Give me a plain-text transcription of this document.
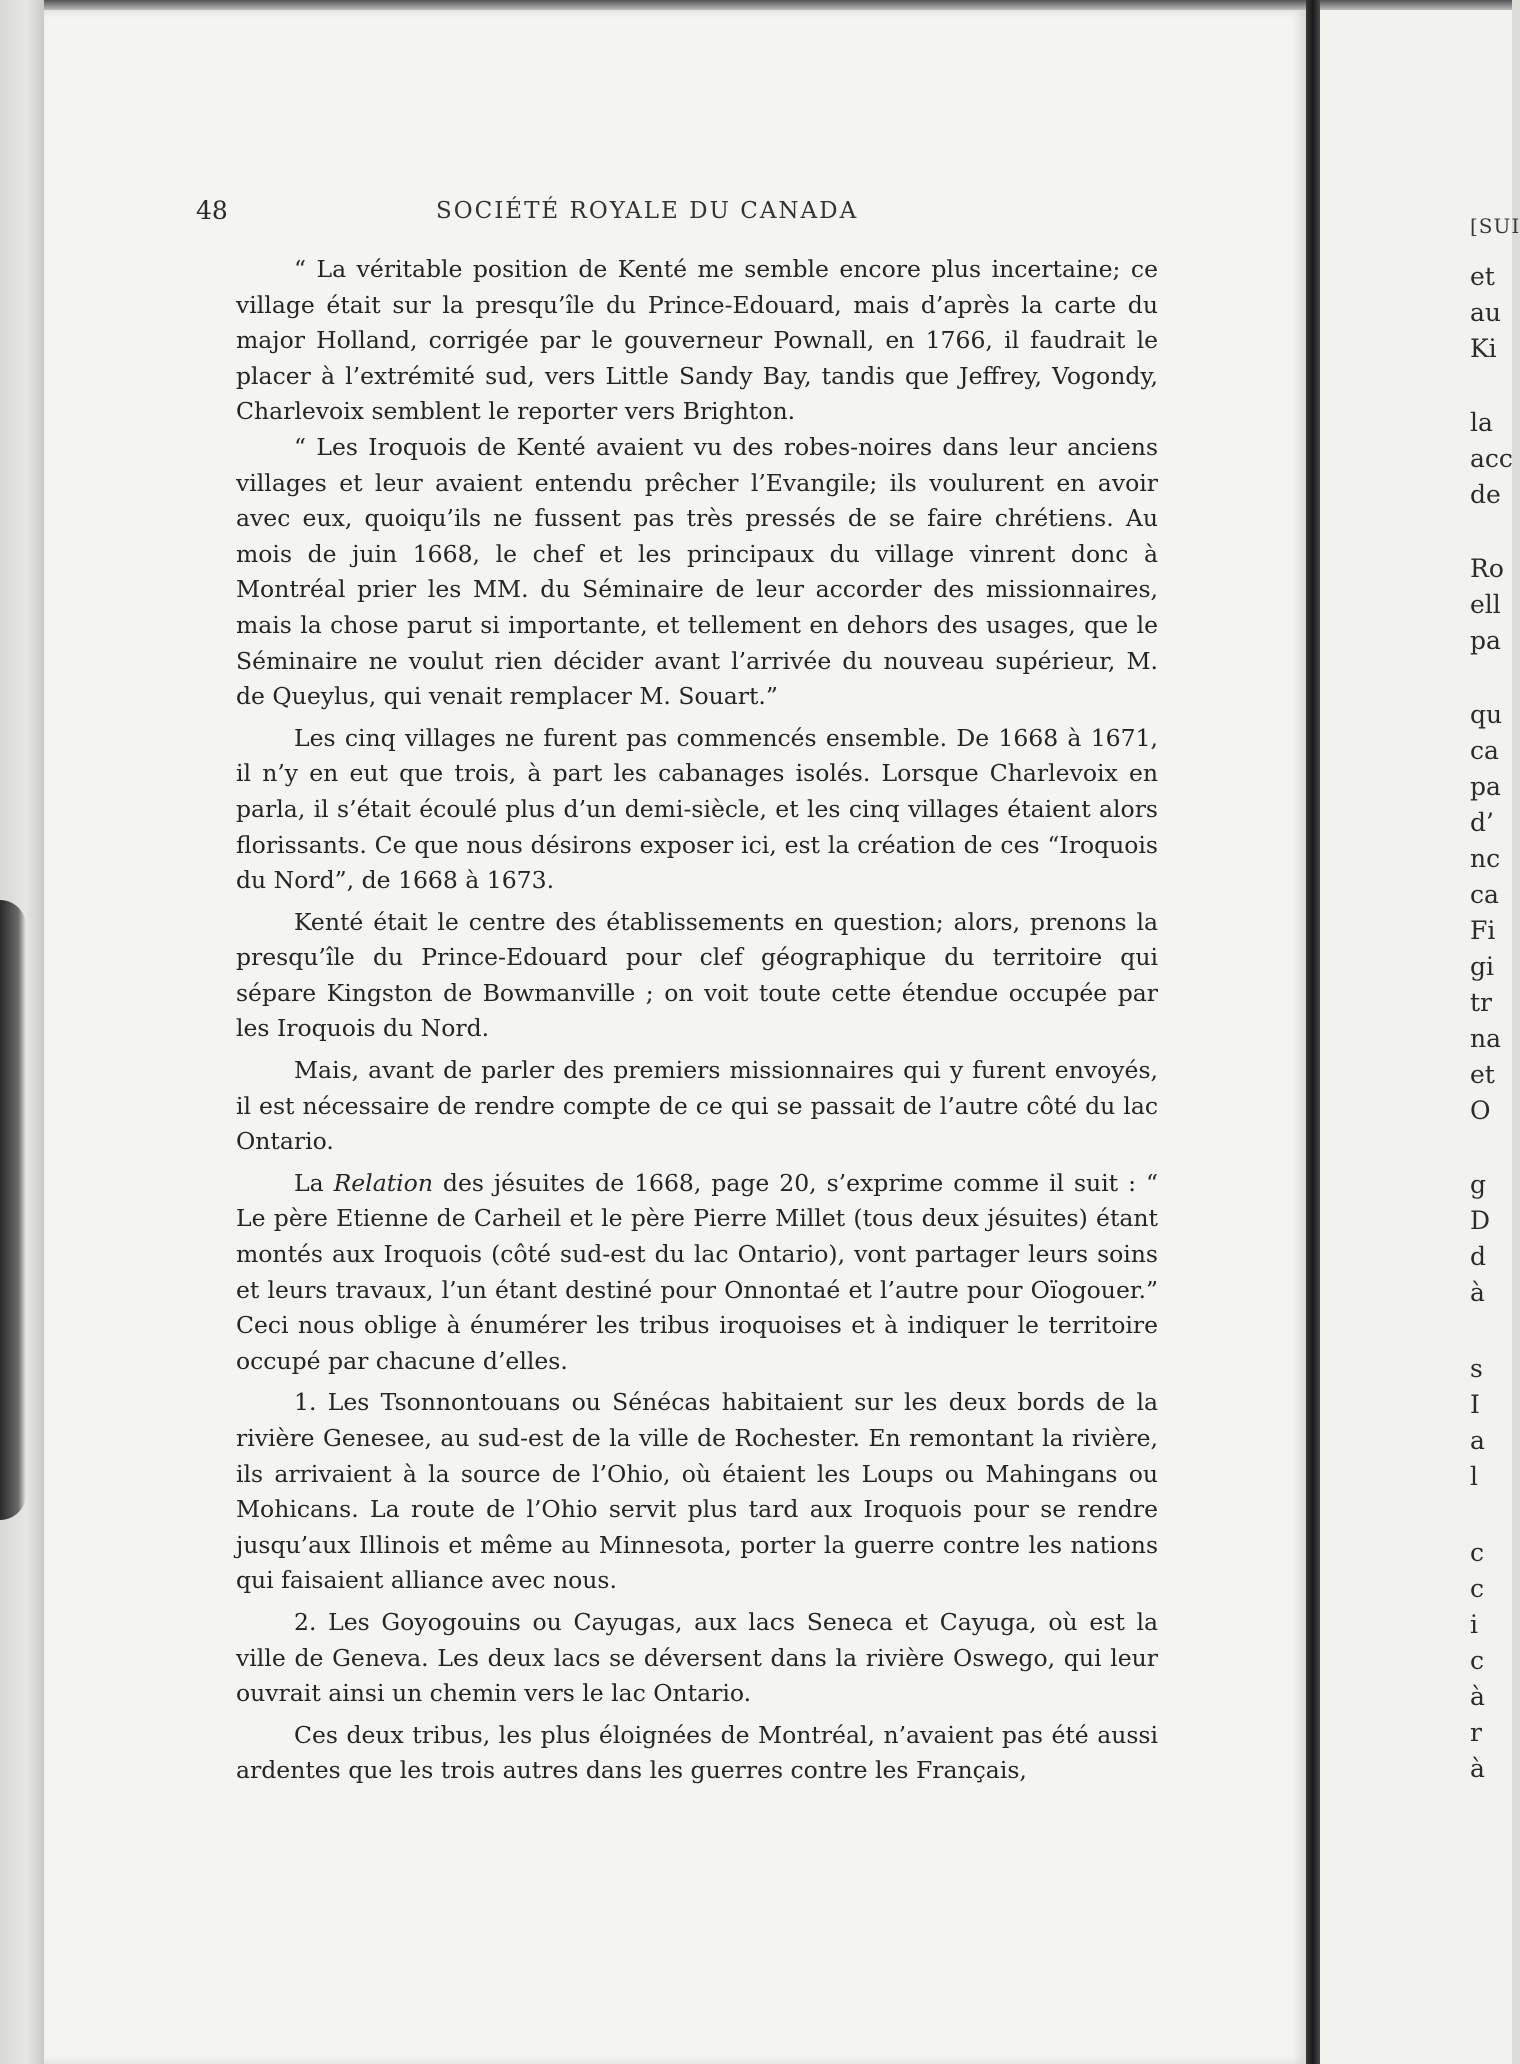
48	SOCIÉTÉ ROYALE DU CANADA

“ La véritable position de Kenté me semble encore plus incertaine; ce village était sur la presqu’île du Prince-Edouard, mais d’après la carte du major Holland, corrigée par le gouverneur Pownall, en 1766, il faudrait le placer à l’extrémité sud, vers Little Sandy Bay, tandis que Jeffrey, Vogondy, Charlevoix semblent le reporter vers Brighton.

“ Les Iroquois de Kenté avaient vu des robes-noires dans leur anciens villages et leur avaient entendu prêcher l’Evangile; ils voulurent en avoir avec eux, quoiqu’ils ne fussent pas très pressés de se faire chrétiens. Au mois de juin 1668, le chef et les principaux du village vinrent donc à Montréal prier les MM. du Séminaire de leur accorder des missionnaires, mais la chose parut si importante, et tellement en dehors des usages, que le Séminaire ne voulut rien décider avant l’arrivée du nouveau supérieur, M. de Queylus, qui venait remplacer M. Souart.”

Les cinq villages ne furent pas commencés ensemble. De 1668 à 1671, il n’y en eut que trois, à part les cabanages isolés. Lorsque Charlevoix en parla, il s’était écoulé plus d’un demi-siècle, et les cinq villages étaient alors florissants. Ce que nous désirons exposer ici, est la création de ces “Iroquois du Nord”, de 1668 à 1673.

Kenté était le centre des établissements en question; alors, prenons la presqu’île du Prince-Edouard pour clef géographique du territoire qui sépare Kingston de Bowmanville ; on voit toute cette étendue occupée par les Iroquois du Nord.

Mais, avant de parler des premiers missionnaires qui y furent envoyés, il est nécessaire de rendre compte de ce qui se passait de l’autre côté du lac Ontario.

La Relation des jésuites de 1668, page 20, s’exprime comme il suit : “ Le père Etienne de Carheil et le père Pierre Millet (tous deux jésuites) étant montés aux Iroquois (côté sud-est du lac Ontario), vont partager leurs soins et leurs travaux, l’un étant destiné pour Onnontaé et l’autre pour Oïogouer.” Ceci nous oblige à énumérer les tribus iroquoises et à indiquer le territoire occupé par chacune d’elles.

1. Les Tsonnontouans ou Sénécas habitaient sur les deux bords de la rivière Genesee, au sud-est de la ville de Rochester. En remontant la rivière, ils arrivaient à la source de l’Ohio, où étaient les Loups ou Mahingans ou Mohicans. La route de l’Ohio servit plus tard aux Iroquois pour se rendre jusqu’aux Illinois et même au Minnesota, porter la guerre contre les nations qui faisaient alliance avec nous.

2. Les Goyogouins ou Cayugas, aux lacs Seneca et Cayuga, où est la ville de Geneva. Les deux lacs se déversent dans la rivière Oswego, qui leur ouvrait ainsi un chemin vers le lac Ontario.

Ces deux tribus, les plus éloignées de Montréal, n’avaient pas été aussi ardentes que les trois autres dans les guerres contre les Français,

[SUI
et
au
Ki
la
acc
de
Ro
ell
pa
qu
ca
pa
d’
nc
ca
Fi
gi
tr
na
et
O
g
D
d
à
s
I
a
l
c
c
i
c
à
r
à
